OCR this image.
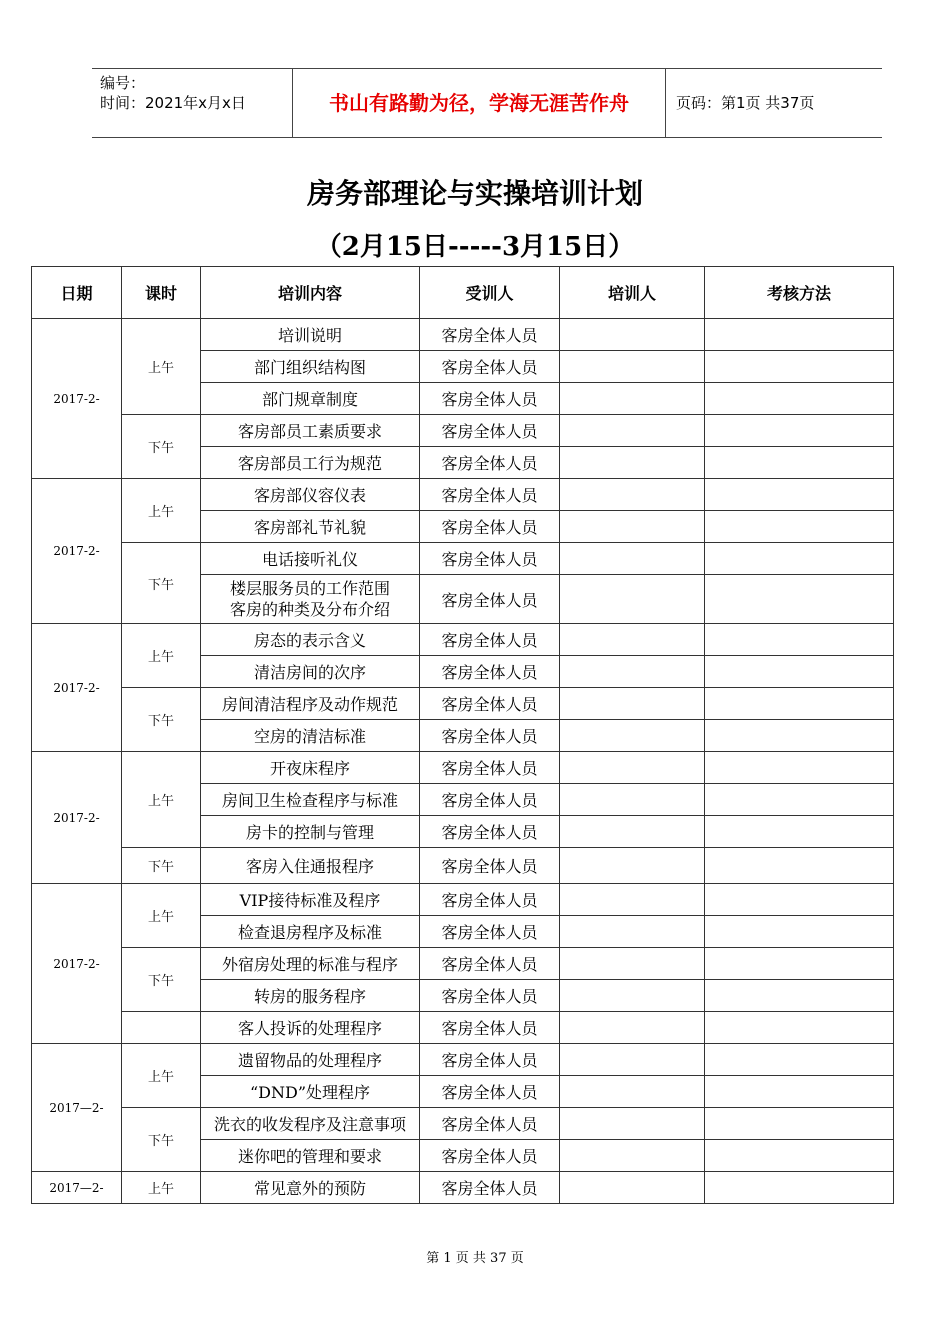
编号：
时间：2021年x月x日	书山有路勤为径，学海无涯苦作舟	页码：第1页 共37页
房务部理论与实操培训计划
（2月15日-----3月15日）
日期	课时	培训内容	受训人	培训人	考核方法
2017-2-	上午	培训说明	客房全体人员		
		部门组织结构图	客房全体人员		
		部门规章制度	客房全体人员		
	下午	客房部员工素质要求	客房全体人员		
		客房部员工行为规范	客房全体人员		
2017-2-	上午	客房部仪容仪表	客房全体人员		
		客房部礼节礼貌	客房全体人员		
	下午	电话接听礼仪	客房全体人员		

		楼层服务员的工作范围
客房的种类及分布介绍	客房全体人员		
2017-2-	上午	房态的表示含义	客房全体人员		
		清洁房间的次序	客房全体人员		
	下午	房间清洁程序及动作规范	客房全体人员		
		空房的清洁标准	客房全体人员		
2017-2-	上午	开夜床程序	客房全体人员		
		房间卫生检查程序与标准	客房全体人员		
		房卡的控制与管理	客房全体人员		
	下午	客房入住通报程序	客房全体人员		
2017-2-	上午	VIP接待标准及程序	客房全体人员		
		检查退房程序及标准	客房全体人员		
	下午	外宿房处理的标准与程序	客房全体人员		
		转房的服务程序	客房全体人员		
		客人投诉的处理程序	客房全体人员		
2017—2-	上午	遗留物品的处理程序	客房全体人员		
		“DND”处理程序	客房全体人员		
	下午	洗衣的收发程序及注意事项	客房全体人员		
		迷你吧的管理和要求	客房全体人员		
2017—2-	上午	常见意外的预防	客房全体人员		
第 1 页 共 37 页
